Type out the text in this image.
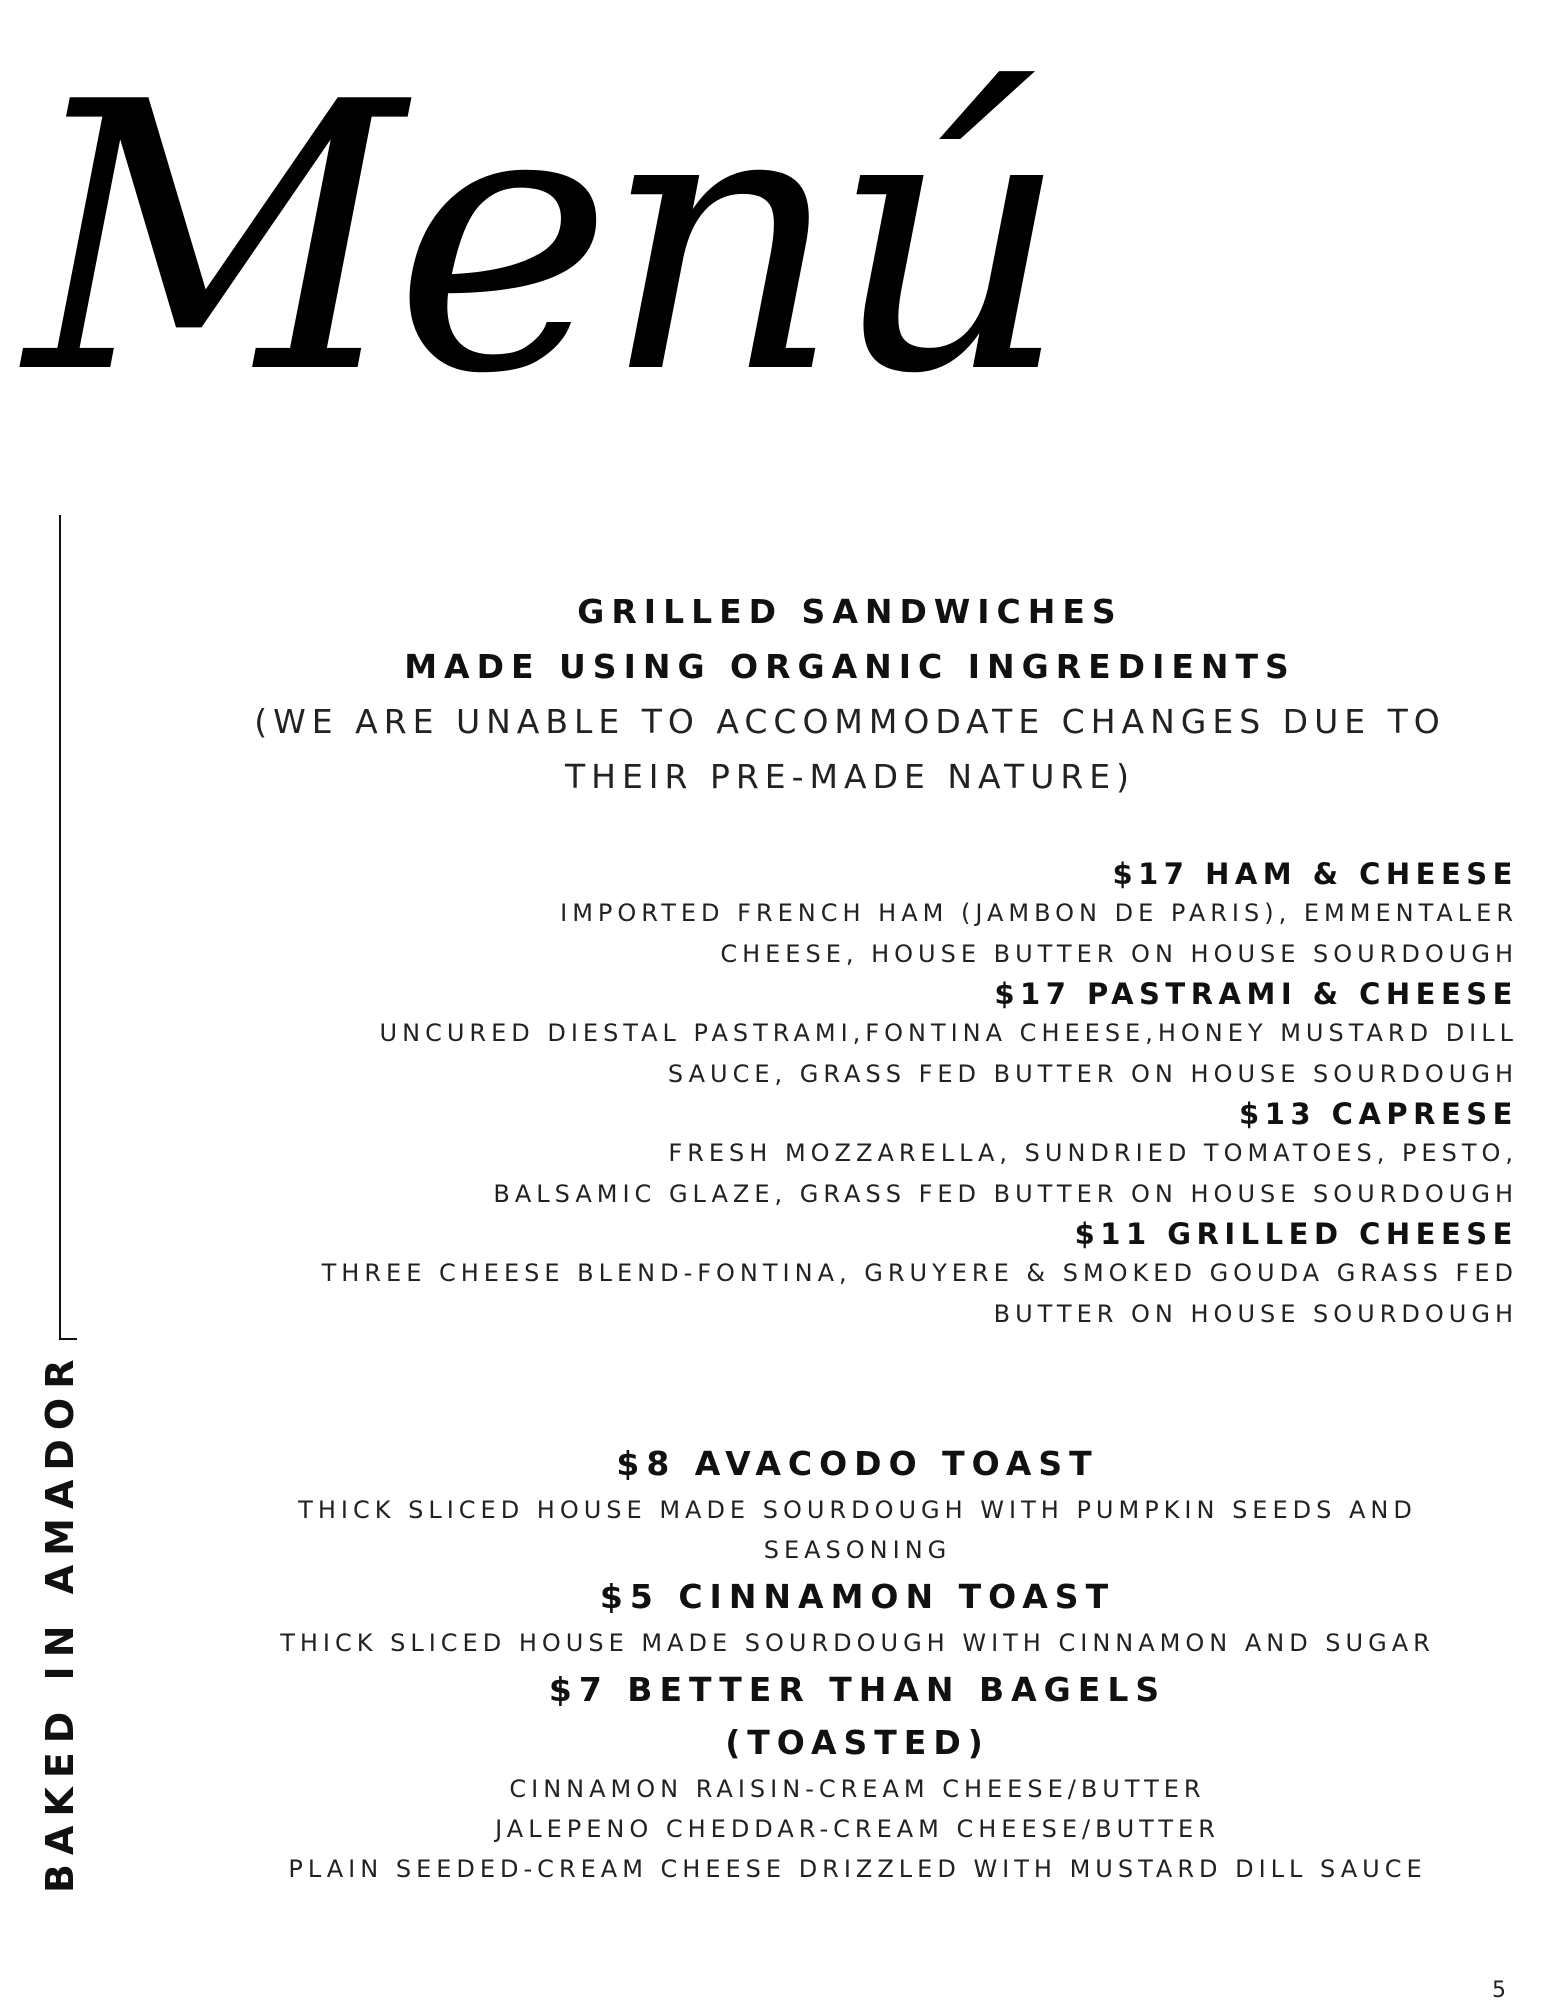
Menú
BAKED IN AMADOR

GRILLED SANDWICHES

MADE USING ORGANIC INGREDIENTS

(WE ARE UNABLE TO ACCOMMODATE CHANGES DUE TO

THEIR PRE-MADE NATURE)

$17 HAM & CHEESE

IMPORTED FRENCH HAM (JAMBON DE PARIS), EMMENTALER

CHEESE, HOUSE BUTTER ON HOUSE SOURDOUGH

$17 PASTRAMI & CHEESE

UNCURED DIESTAL PASTRAMI,FONTINA CHEESE,HONEY MUSTARD DILL

SAUCE, GRASS FED BUTTER ON HOUSE SOURDOUGH

$13 CAPRESE

FRESH MOZZARELLA, SUNDRIED TOMATOES, PESTO,

BALSAMIC GLAZE, GRASS FED BUTTER ON HOUSE SOURDOUGH

$11 GRILLED CHEESE

THREE CHEESE BLEND-FONTINA, GRUYERE & SMOKED GOUDA GRASS FED

BUTTER ON HOUSE SOURDOUGH

$8 AVACODO TOAST

THICK SLICED HOUSE MADE SOURDOUGH WITH PUMPKIN SEEDS AND

SEASONING

$5 CINNAMON TOAST

THICK SLICED HOUSE MADE SOURDOUGH WITH CINNAMON AND SUGAR

$7 BETTER THAN BAGELS

(TOASTED)

CINNAMON RAISIN-CREAM CHEESE/BUTTER

JALEPENO CHEDDAR-CREAM CHEESE/BUTTER

PLAIN SEEDED-CREAM CHEESE DRIZZLED WITH MUSTARD DILL SAUCE

5
